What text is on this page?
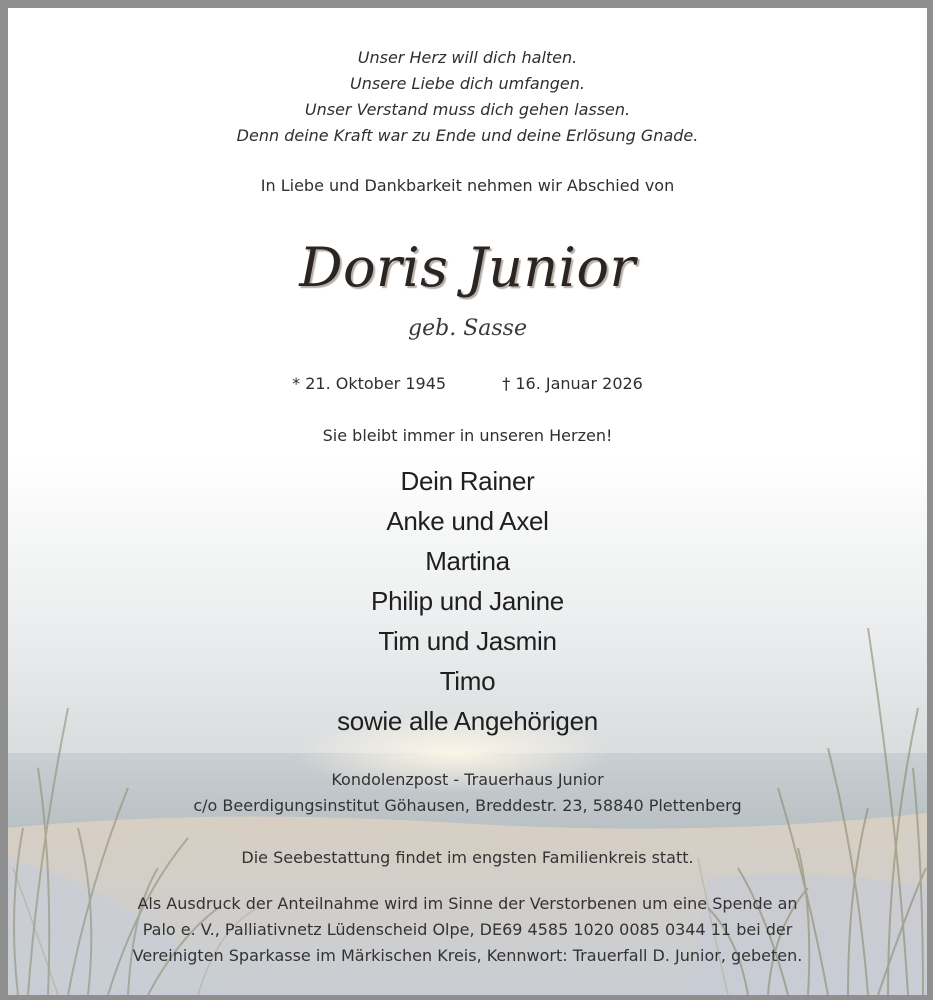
Unser Herz will dich halten.
Unsere Liebe dich umfangen.
Unser Verstand muss dich gehen lassen.
Denn deine Kraft war zu Ende und deine Erlösung Gnade.
In Liebe und Dankbarkeit nehmen wir Abschied von
Doris Junior
geb. Sasse
* 21. Oktober 1945	† 16. Januar 2026
Sie bleibt immer in unseren Herzen!
Dein Rainer
Anke und Axel
Martina
Philip und Janine
Tim und Jasmin
Timo
sowie alle Angehörigen
Kondolenzpost - Trauerhaus Junior
c/o Beerdigungsinstitut Göhausen, Breddestr. 23, 58840 Plettenberg
Die Seebestattung findet im engsten Familienkreis statt.
Als Ausdruck der Anteilnahme wird im Sinne der Verstorbenen um eine Spende an
Palo e. V., Palliativnetz Lüdenscheid Olpe, DE69 4585 1020 0085 0344 11 bei der
Vereinigten Sparkasse im Märkischen Kreis, Kennwort: Trauerfall D. Junior, gebeten.
